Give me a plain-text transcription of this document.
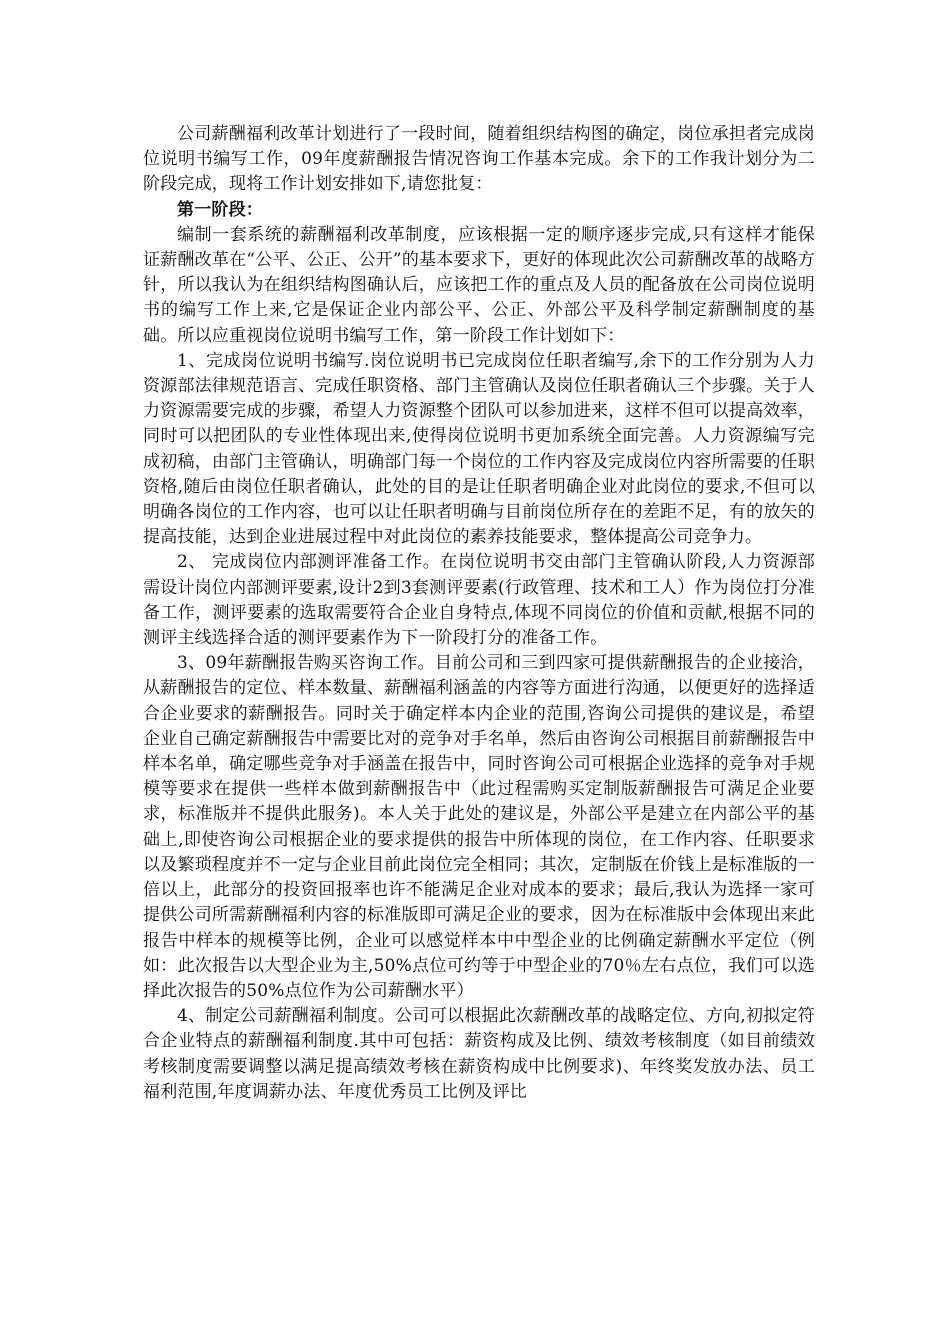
公司薪酬福利改革计划进行了一段时间，随着组织结构图的确定，岗位承担者完成岗位说明书编写工作，09年度薪酬报告情况咨询工作基本完成。余下的工作我计划分为二阶段完成，现将工作计划安排如下,请您批复：

第一阶段：

编制一套系统的薪酬福利改革制度，应该根据一定的顺序逐步完成,只有这样才能保证薪酬改革在“公平、公正、公开”的基本要求下，更好的体现此次公司薪酬改革的战略方针，所以我认为在组织结构图确认后，应该把工作的重点及人员的配备放在公司岗位说明书的编写工作上来,它是保证企业内部公平、公正、外部公平及科学制定薪酬制度的基础。所以应重视岗位说明书编写工作，第一阶段工作计划如下：

1、完成岗位说明书编写.岗位说明书已完成岗位任职者编写,余下的工作分别为人力资源部法律规范语言、完成任职资格、部门主管确认及岗位任职者确认三个步骤。关于人力资源需要完成的步骤，希望人力资源整个团队可以参加进来，这样不但可以提高效率，同时可以把团队的专业性体现出来,使得岗位说明书更加系统全面完善。人力资源编写完成初稿，由部门主管确认，明确部门每一个岗位的工作内容及完成岗位内容所需要的任职资格,随后由岗位任职者确认，此处的目的是让任职者明确企业对此岗位的要求,不但可以明确各岗位的工作内容，也可以让任职者明确与目前岗位所存在的差距不足，有的放矢的提高技能，达到企业进展过程中对此岗位的素养技能要求，整体提高公司竞争力。

2、 完成岗位内部测评准备工作。在岗位说明书交由部门主管确认阶段,人力资源部需设计岗位内部测评要素,设计2到3套测评要素(行政管理、技术和工人）作为岗位打分准备工作，测评要素的选取需要符合企业自身特点,体现不同岗位的价值和贡献,根据不同的测评主线选择合适的测评要素作为下一阶段打分的准备工作。

3、09年薪酬报告购买咨询工作。目前公司和三到四家可提供薪酬报告的企业接洽，从薪酬报告的定位、样本数量、薪酬福利涵盖的内容等方面进行沟通，以便更好的选择适合企业要求的薪酬报告。同时关于确定样本内企业的范围,咨询公司提供的建议是，希望企业自己确定薪酬报告中需要比对的竞争对手名单，然后由咨询公司根据目前薪酬报告中样本名单，确定哪些竞争对手涵盖在报告中，同时咨询公司可根据企业选择的竞争对手规模等要求在提供一些样本做到薪酬报告中（此过程需购买定制版薪酬报告可满足企业要求，标准版并不提供此服务)。本人关于此处的建议是，外部公平是建立在内部公平的基础上,即使咨询公司根据企业的要求提供的报告中所体现的岗位，在工作内容、任职要求以及繁琐程度并不一定与企业目前此岗位完全相同；其次，定制版在价钱上是标准版的一倍以上，此部分的投资回报率也许不能满足企业对成本的要求；最后,我认为选择一家可提供公司所需薪酬福利内容的标准版即可满足企业的要求，因为在标准版中会体现出来此报告中样本的规模等比例，企业可以感觉样本中中型企业的比例确定薪酬水平定位（例如：此次报告以大型企业为主,50%点位可约等于中型企业的70％左右点位，我们可以选择此次报告的50%点位作为公司薪酬水平）

4、制定公司薪酬福利制度。公司可以根据此次薪酬改革的战略定位、方向,初拟定符合企业特点的薪酬福利制度.其中可包括：薪资构成及比例、绩效考核制度（如目前绩效考核制度需要调整以满足提高绩效考核在薪资构成中比例要求)、年终奖发放办法、员工福利范围,年度调薪办法、年度优秀员工比例及评比
